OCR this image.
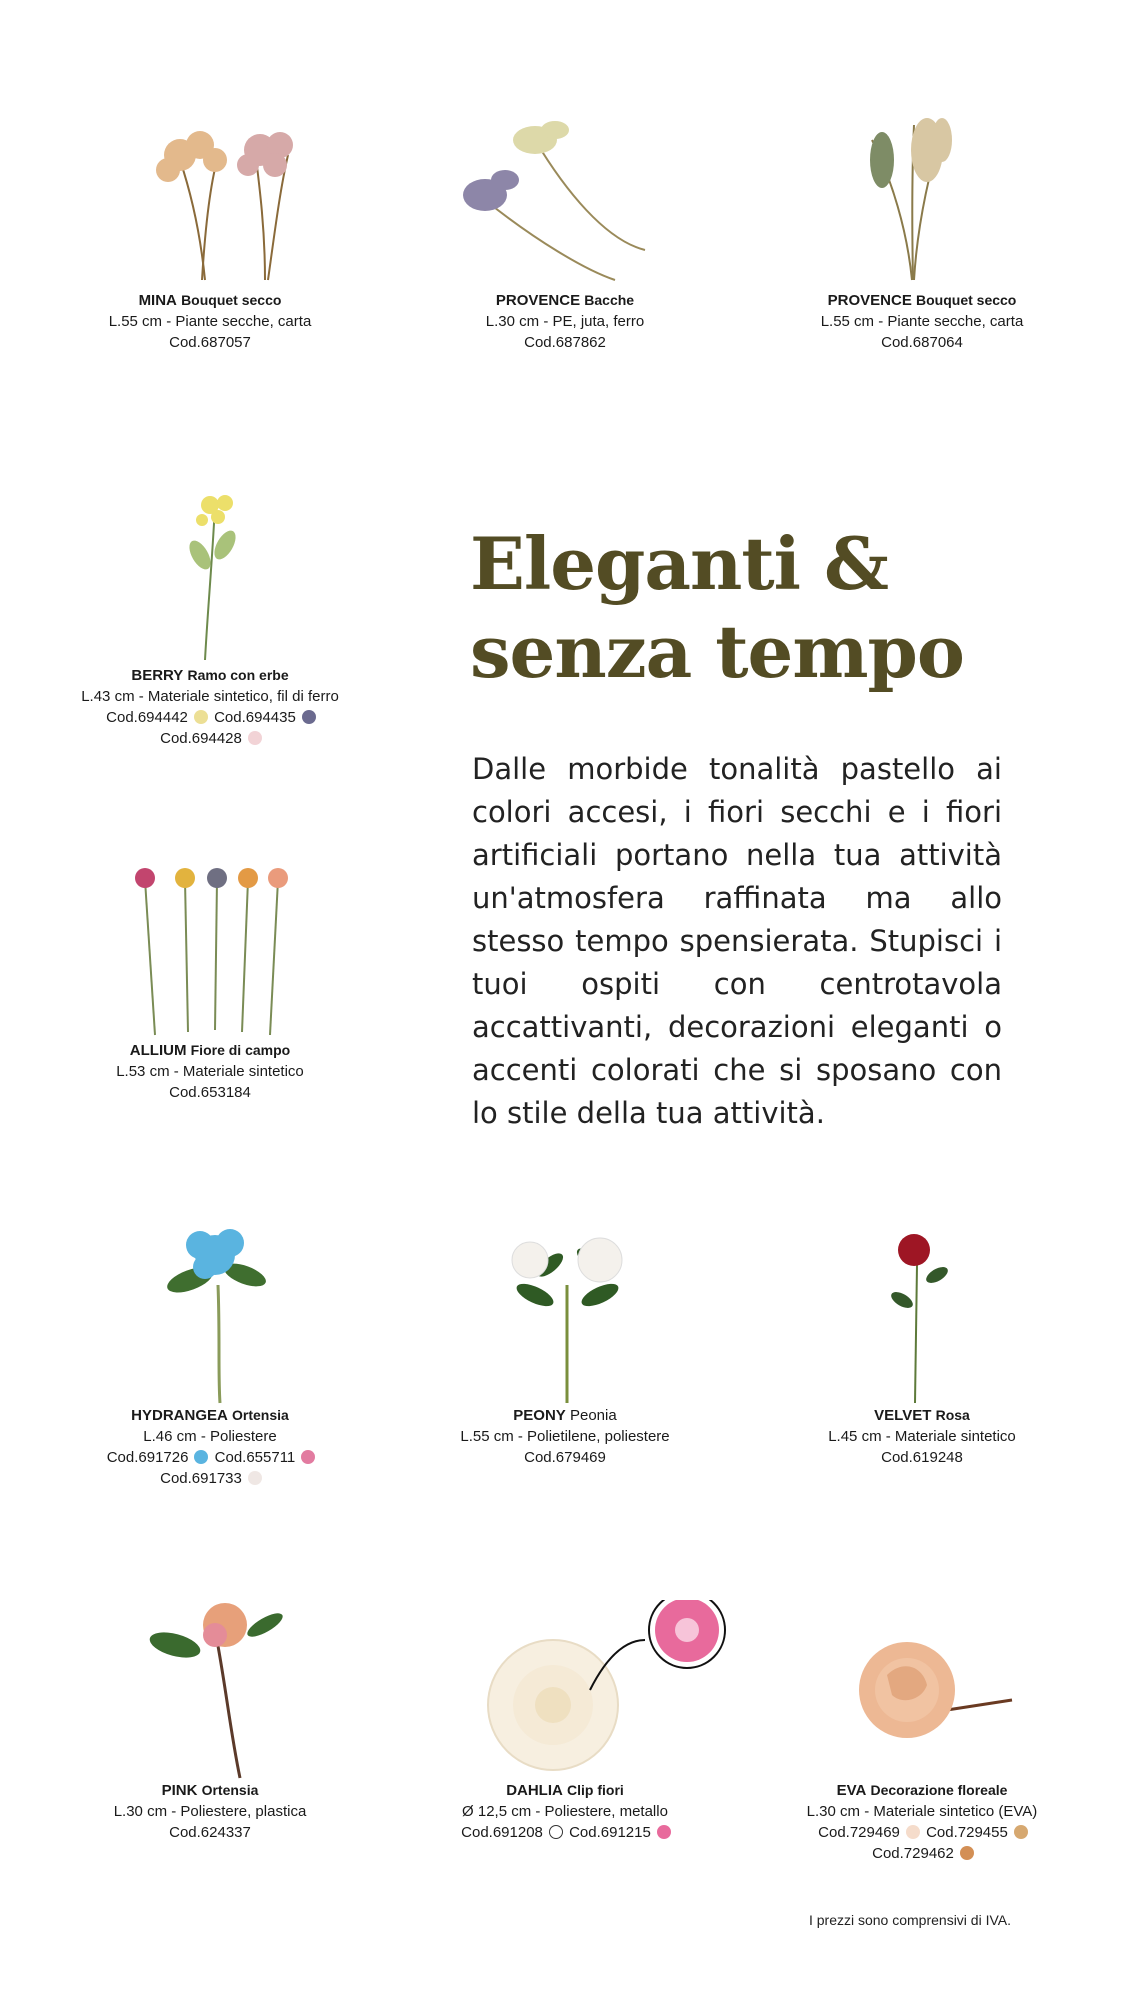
MINA Bouquet secco
L.55 cm - Piante secche, carta
Cod.687057
PROVENCE Bacche
L.30 cm - PE, juta, ferro
Cod.687862
PROVENCE Bouquet secco
L.55 cm - Piante secche, carta
Cod.687064
BERRY Ramo con erbe
L.43 cm - Materiale sintetico, fil di ferro
Cod.694442 Cod.694435
Cod.694428
ALLIUM Fiore di campo
L.53 cm - Materiale sintetico
Cod.653184
Eleganti &
senza tempo
Dalle morbide tonalità pastello ai colori accesi, i fiori secchi e i fiori artificiali portano nella tua attività un'atmosfera raffinata ma allo stesso tempo spensierata. Stupisci i tuoi ospiti con centrotavola accattivanti, decorazioni eleganti o accenti colorati che si sposano con lo stile della tua attività.
HYDRANGEA Ortensia
L.46 cm - Poliestere
Cod.691726 Cod.655711
Cod.691733
PEONY Peonia
L.55 cm - Polietilene, poliestere
Cod.679469
VELVET Rosa
L.45 cm - Materiale sintetico
Cod.619248
PINK Ortensia
L.30 cm - Poliestere, plastica
Cod.624337
DAHLIA Clip fiori
Ø 12,5 cm - Poliestere, metallo
Cod.691208 Cod.691215
EVA Decorazione floreale
L.30 cm - Materiale sintetico (EVA)
Cod.729469 Cod.729455
Cod.729462
I prezzi sono comprensivi di IVA.
